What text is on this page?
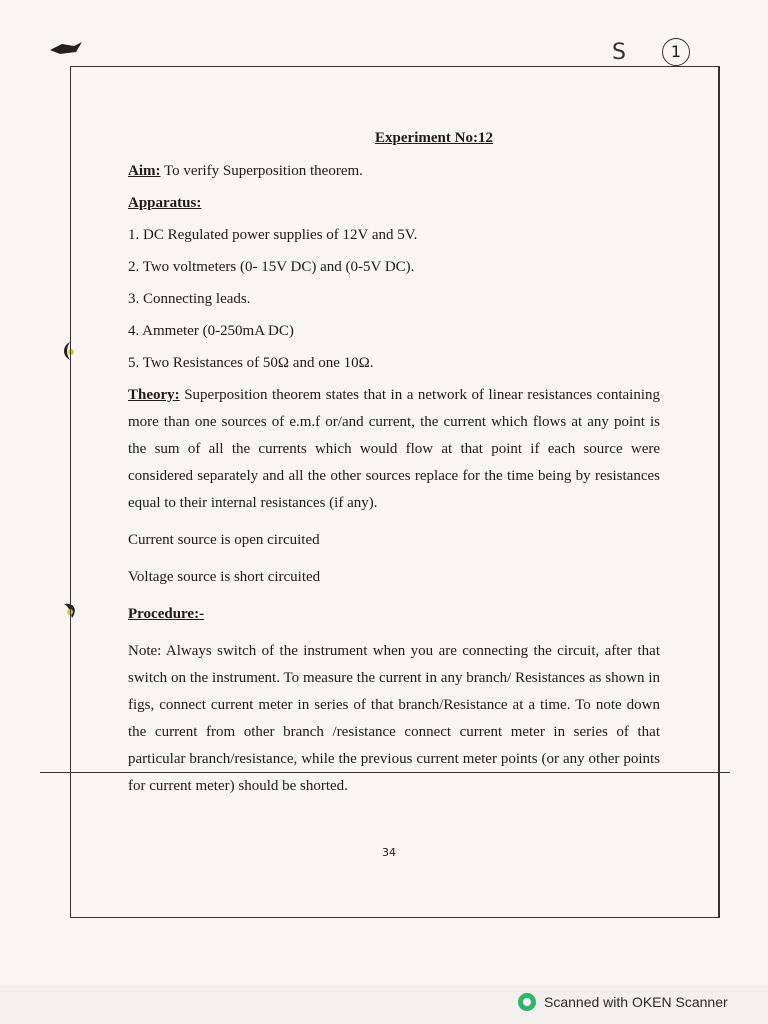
S	1
Experiment No:12

Aim: To verify Superposition theorem.

Apparatus:

1. DC Regulated power supplies of 12V and 5V.

2. Two voltmeters (0- 15V DC) and (0-5V DC).

3. Connecting leads.

4. Ammeter (0-250mA DC)

5. Two Resistances of 50Ω and one 10Ω.

Theory: Superposition theorem states that in a network of linear resistances containing more than one sources of e.m.f or/and current, the current which flows at any point is the sum of all the currents which would flow at that point if each source were considered separately and all the other sources replace for the time being by resistances equal to their internal resistances (if any).

Current source is open circuited

Voltage source is short circuited

Procedure:-

Note: Always switch of the instrument when you are connecting the circuit, after that switch on the instrument. To measure the current in any branch/ Resistances as shown in figs, connect current meter in series of that branch/Resistance at a time. To note down the current from other branch /resistance connect current meter in series of that particular branch/resistance, while the previous current meter points (or any other points for current meter) should be shorted.

34
Scanned with OKEN Scanner
